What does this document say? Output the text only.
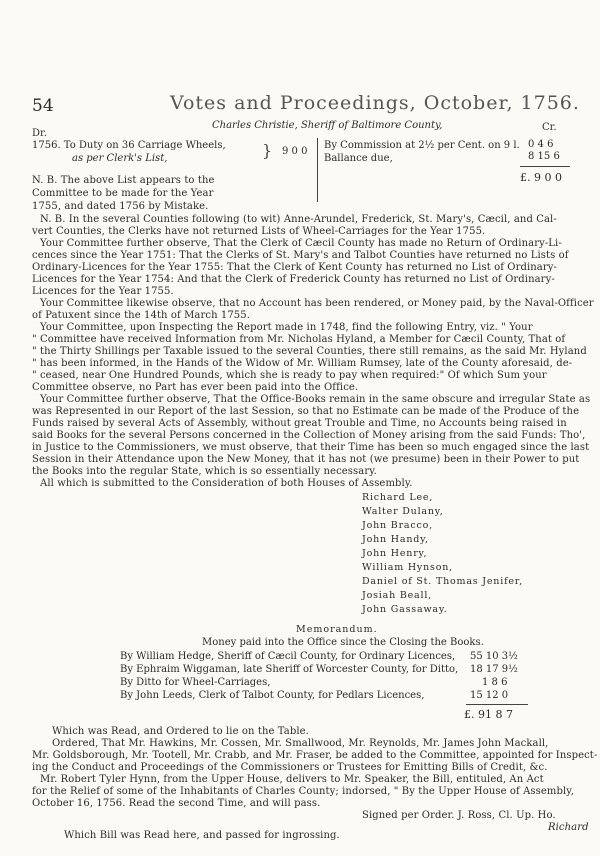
54	Votes and Proceedings, October, 1756.
Charles Christie, Sheriff of Baltimore County,
Dr.
Cr.
1756. To Duty on 36 Carriage Wheels,
as per Clerk's List,	} 9 0 0
By Commission at 2½ per Cent. on 9 l. 0 4 6
Ballance due,	8 15 6
£. 9 0 0
N. B. The above List appears to the
Committee to be made for the Year
1755, and dated 1756 by Mistake.
N. B. In the several Counties following (to wit) Anne-Arundel, Frederick, St. Mary's, Cæcil, and Cal-
vert Counties, the Clerks have not returned Lists of Wheel-Carriages for the Year 1755.
Your Committee further observe, That the Clerk of Cæcil County has made no Return of Ordinary-Li-
cences since the Year 1751: That the Clerks of St. Mary's and Talbot Counties have returned no Lists of
Ordinary-Licences for the Year 1755: That the Clerk of Kent County has returned no List of Ordinary-
Licences for the Year 1754: And that the Clerk of Frederick County has returned no List of Ordinary-
Licences for the Year 1755.
Your Committee likewise observe, that no Account has been rendered, or Money paid, by the Naval-Officer
of Patuxent since the 14th of March 1755.
Your Committee, upon Inspecting the Report made in 1748, find the following Entry, viz. " Your
" Committee have received Information from Mr. Nicholas Hyland, a Member for Cæcil County, That of
" the Thirty Shillings per Taxable issued to the several Counties, there still remains, as the said Mr. Hyland
" has been informed, in the Hands of the Widow of Mr. William Rumsey, late of the County aforesaid, de-
" ceased, near One Hundred Pounds, which she is ready to pay when required:" Of which Sum your
Committee observe, no Part has ever been paid into the Office.
Your Committee further observe, That the Office-Books remain in the same obscure and irregular State as
was Represented in our Report of the last Session, so that no Estimate can be made of the Produce of the
Funds raised by several Acts of Assembly, without great Trouble and Time, no Accounts being raised in
said Books for the several Persons concerned in the Collection of Money arising from the said Funds: Tho',
in Justice to the Commissioners, we must observe, that their Time has been so much engaged since the last
Session in their Attendance upon the New Money, that it has not (we presume) been in their Power to put
the Books into the regular State, which is so essentially necessary.
All which is submitted to the Consideration of both Houses of Assembly.
Richard Lee,
Walter Dulany,
John Bracco,
John Handy,
John Henry,
William Hynson,
Daniel of St. Thomas Jenifer,
Josiah Beall,
John Gassaway.
Memorandum.
Money paid into the Office since the Closing the Books.
By William Hedge, Sheriff of Cæcil County, for Ordinary Licences, 55 10 3½
By Ephraim Wiggaman, late Sheriff of Worcester County, for Ditto, 18 17 9½
By Ditto for Wheel-Carriages,	1 8 6
By John Leeds, Clerk of Talbot County, for Pedlars Licences,	15 12 0
£. 91 8 7
Which was Read, and Ordered to lie on the Table.
Ordered, That Mr. Hawkins, Mr. Cossen, Mr. Smallwood, Mr. Reynolds, Mr. James John Mackall,
Mr. Goldsborough, Mr. Tootell, Mr. Crabb, and Mr. Fraser, be added to the Committee, appointed for Inspect-
ing the Conduct and Proceedings of the Commissioners or Trustees for Emitting Bills of Credit, &c.
Mr. Robert Tyler Hynn, from the Upper House, delivers to Mr. Speaker, the Bill, entituled, An Act
for the Relief of some of the Inhabitants of Charles County; indorsed, " By the Upper House of Assembly,
October 16, 1756. Read the second Time, and will pass.
Signed per Order. J. Ross, Cl. Up. Ho.
Richard
Which Bill was Read here, and passed for ingrossing.
